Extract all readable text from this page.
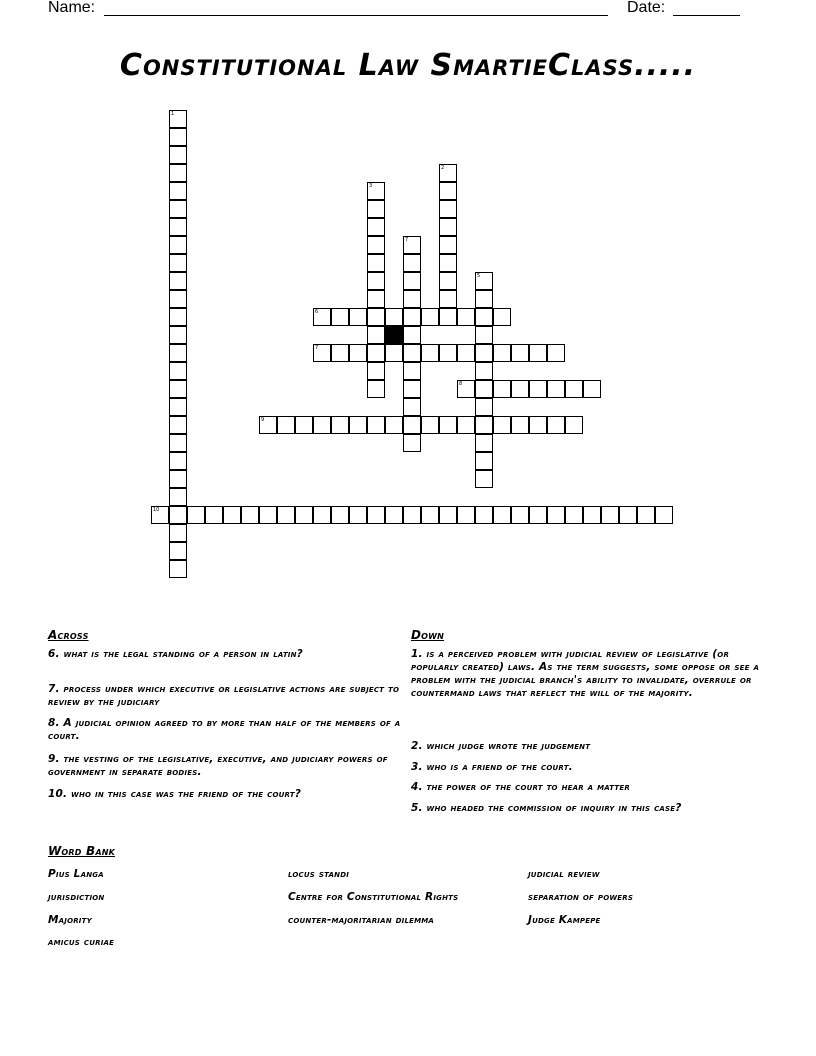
Name:	Date:
Constitutional Law SmartieClass.....
1
2
3
7
5
6
7
8
9
10
Across
6. what is the legal standing of a person in latin?
7. process under which executive or legislative actions are subject to review by the judiciary
8. A judicial opinion agreed to by more than half of the members of a court.
9. the vesting of the legislative, executive, and judiciary powers of government in separate bodies.
10. who in this case was the friend of the court?
Down
1. is a perceived problem with judicial review of legislative (or popularly created) laws. As the term suggests, some oppose or see a problem with the judicial branch's ability to invalidate, overrule or countermand laws that reflect the will of the majority.
2. which judge wrote the judgement
3. who is a friend of the court.
4. the power of the court to hear a matter
5. who headed the commission of inquiry in this case?
Word Bank
Pius Langa	locus standi	judicial review
jurisdiction	Centre for Constitutional Rights	separation of powers
Majority	counter-majoritarian dilemma	Judge Kampepe
amicus curiae
